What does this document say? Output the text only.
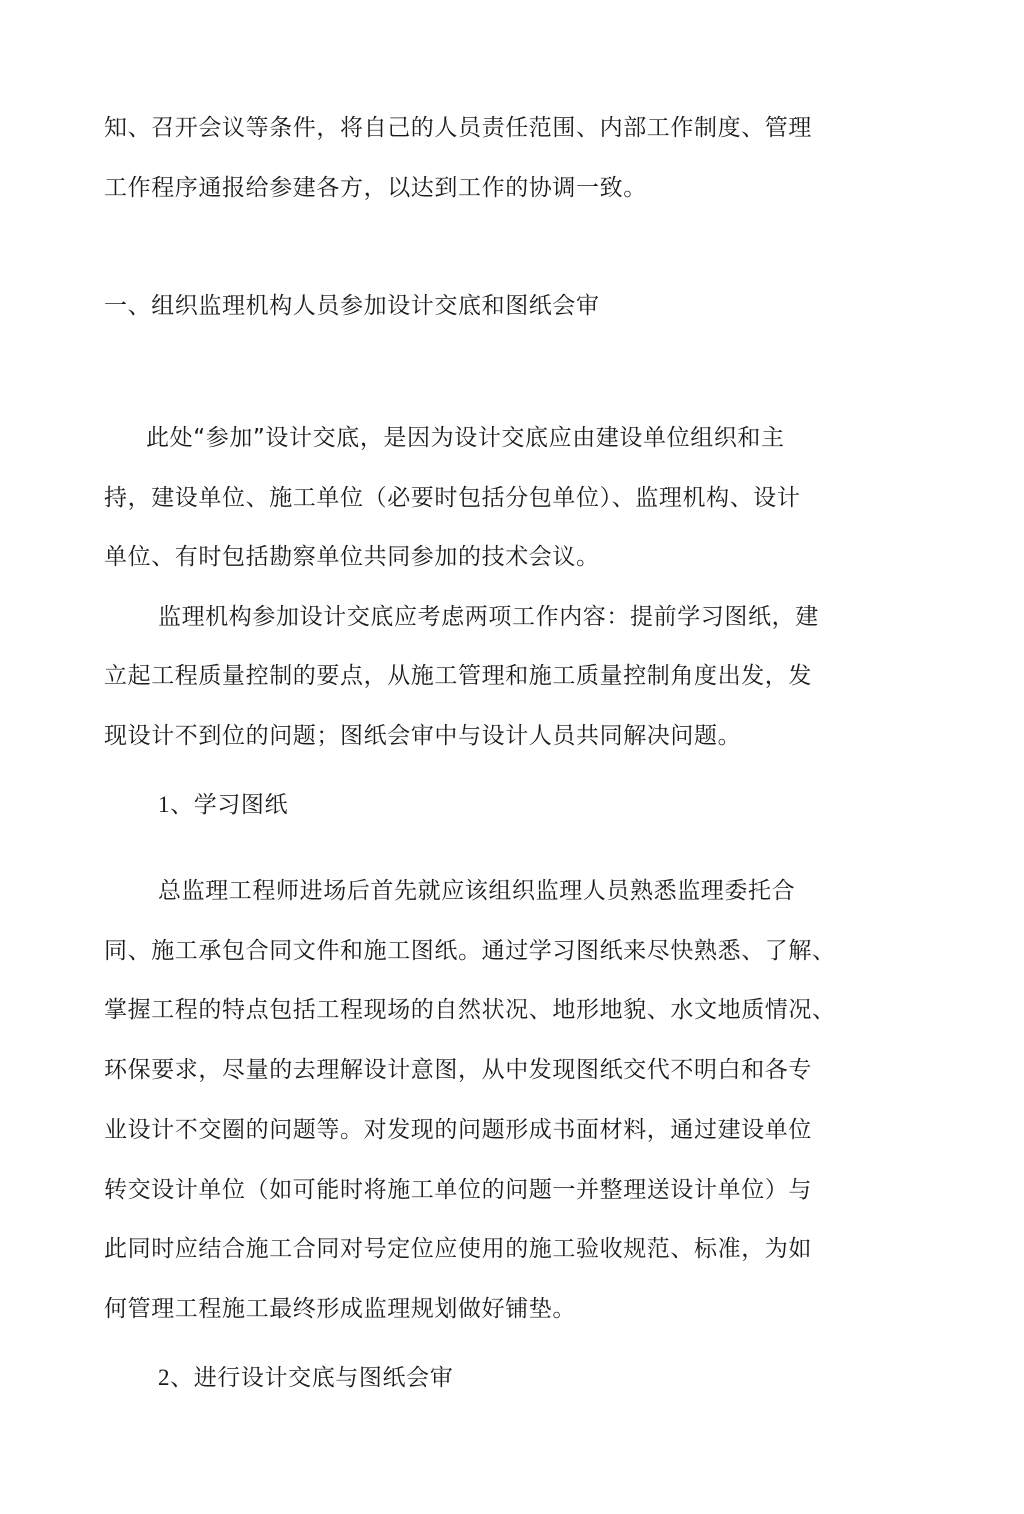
知、召开会议等条件，将自己的人员责任范围、内部工作制度、管理
工作程序通报给参建各方，以达到工作的协调一致。
一、组织监理机构人员参加设计交底和图纸会审
此处“参加”设计交底，是因为设计交底应由建设单位组织和主
持，建设单位、施工单位（必要时包括分包单位）、监理机构、设计
单位、有时包括勘察单位共同参加的技术会议。
监理机构参加设计交底应考虑两项工作内容：提前学习图纸，建
立起工程质量控制的要点，从施工管理和施工质量控制角度出发，发
现设计不到位的问题；图纸会审中与设计人员共同解决问题。
1、学习图纸
总监理工程师进场后首先就应该组织监理人员熟悉监理委托合
同、施工承包合同文件和施工图纸。通过学习图纸来尽快熟悉、了解、
掌握工程的特点包括工程现场的自然状况、地形地貌、水文地质情况、
环保要求，尽量的去理解设计意图，从中发现图纸交代不明白和各专
业设计不交圈的问题等。对发现的问题形成书面材料，通过建设单位
转交设计单位（如可能时将施工单位的问题一并整理送设计单位）与
此同时应结合施工合同对号定位应使用的施工验收规范、标准，为如
何管理工程施工最终形成监理规划做好铺垫。
2、进行设计交底与图纸会审
